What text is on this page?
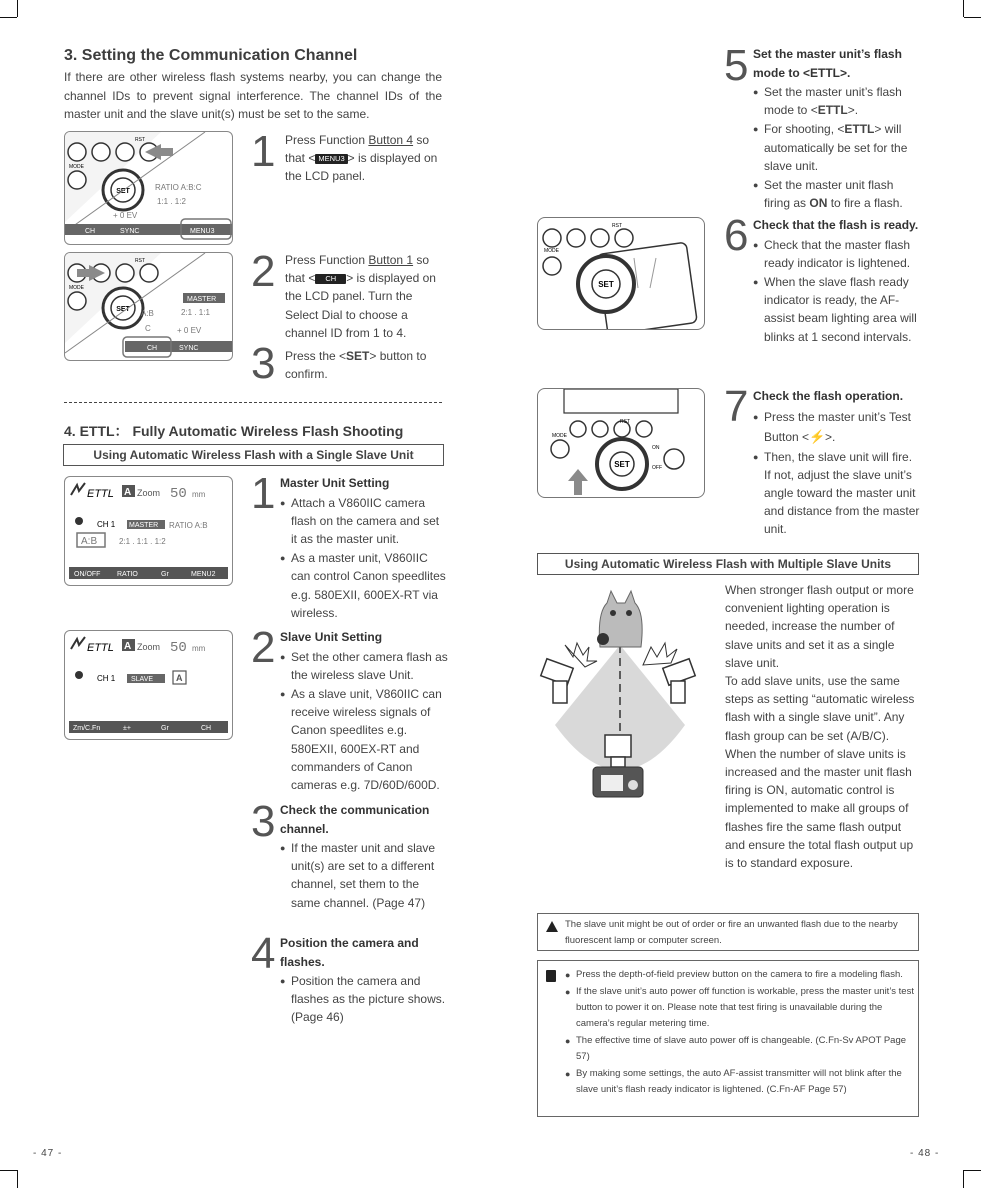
3. Setting the Communication Channel
If there are other wireless flash systems nearby, you can change the channel IDs to prevent signal interference. The channel IDs of the master unit and the slave unit(s) must be set to the same.
SET
RST
MODE
RATIO A:B:C
1:1 . 1:2
+ 0 EV
CH	SYNC	MENU3
1 Press Function Button 4 so that < MENU3 > is displayed on the LCD panel.
SET
RST
MODE
MASTER
2:1 . 1:1
A:B
C	+ 0 EV
CH	SYNC
2 Press Function Button 1 so that < CH > is displayed on the LCD panel. Turn the Select Dial to choose a channel ID from 1 to 4.
3 Press the <SET> button to confirm.
4. ETTL： Fully Automatic Wireless Flash Shooting
Using Automatic Wireless Flash with a Single Slave Unit
ETTL A Zoom 50 mm
CH 1 MASTER RATIO A:B
A:B	2:1 . 1:1 . 1:2
ON/OFF RATIO	Gr	MENU2
1 Master Unit Setting
● Attach a V860IIC camera flash on the camera and set it as the master unit.
● As a master unit, V860IIC can control Canon speedlites e.g. 580EXII, 600EX-RT via wireless.
ETTL A Zoom 50 mm
CH 1 SLAVE	A
Zm/C.Fn	±+	Gr	CH
2 Slave Unit Setting
● Set the other camera flash as the wireless slave Unit.
● As a slave unit, V860IIC can receive wireless signals of Canon speedlites e.g. 580EXII, 600EX-RT and commanders of Canon cameras e.g. 7D/60D/600D.
3 Check the communication channel.
● If the master unit and slave unit(s) are set to a different channel, set them to the same channel. (Page 47)
4 Position the camera and flashes.
● Position the camera and flashes as the picture shows. (Page 46)
- 47 -
5 Set the master unit’s flash mode to <ETTL>.
● Set the master unit’s flash mode to <ETTL>.
● For shooting, <ETTL> will automatically be set for the slave unit.
● Set the master unit flash firing as ON to fire a flash.
SET
RST
MODE	6 Check that the flash is ready.
● Check that the master flash ready indicator is lightened.
● When the slave flash ready indicator is ready, the AF-assist beam lighting area will blinks at 1 second intervals.
SET
RST
MODE
ON
OFF
7 Check the flash operation.
● Press the master unit’s Test Button <⚡>.
● Then, the slave unit will fire. If not, adjust the slave unit’s angle toward the master unit and distance from the master unit.
Using Automatic Wireless Flash with Multiple Slave Units
When stronger flash output or more convenient lighting operation is needed, increase the number of slave units and set it as a single slave unit.
To add slave units, use the same steps as setting “automatic wireless flash with a single slave unit”. Any flash group can be set (A/B/C).
When the number of slave units is increased and the master unit flash firing is ON, automatic control is implemented to make all groups of flashes fire the same flash output and ensure the total flash output up is to standard exposure.
The slave unit might be out of order or fire an unwanted flash due to the nearby fluorescent lamp or computer screen.
● Press the depth-of-field preview button on the camera to fire a modeling flash.
● If the slave unit’s auto power off function is workable, press the master unit’s test button to power it on. Please note that test firing is unavailable during the camera’s regular metering time.
● The effective time of slave auto power off is changeable. (C.Fn-Sv APOT Page 57)
● By making some settings, the auto AF-assist transmitter will not blink after the slave unit’s flash ready indicator is lightened. (C.Fn-AF Page 57)
- 48 -
